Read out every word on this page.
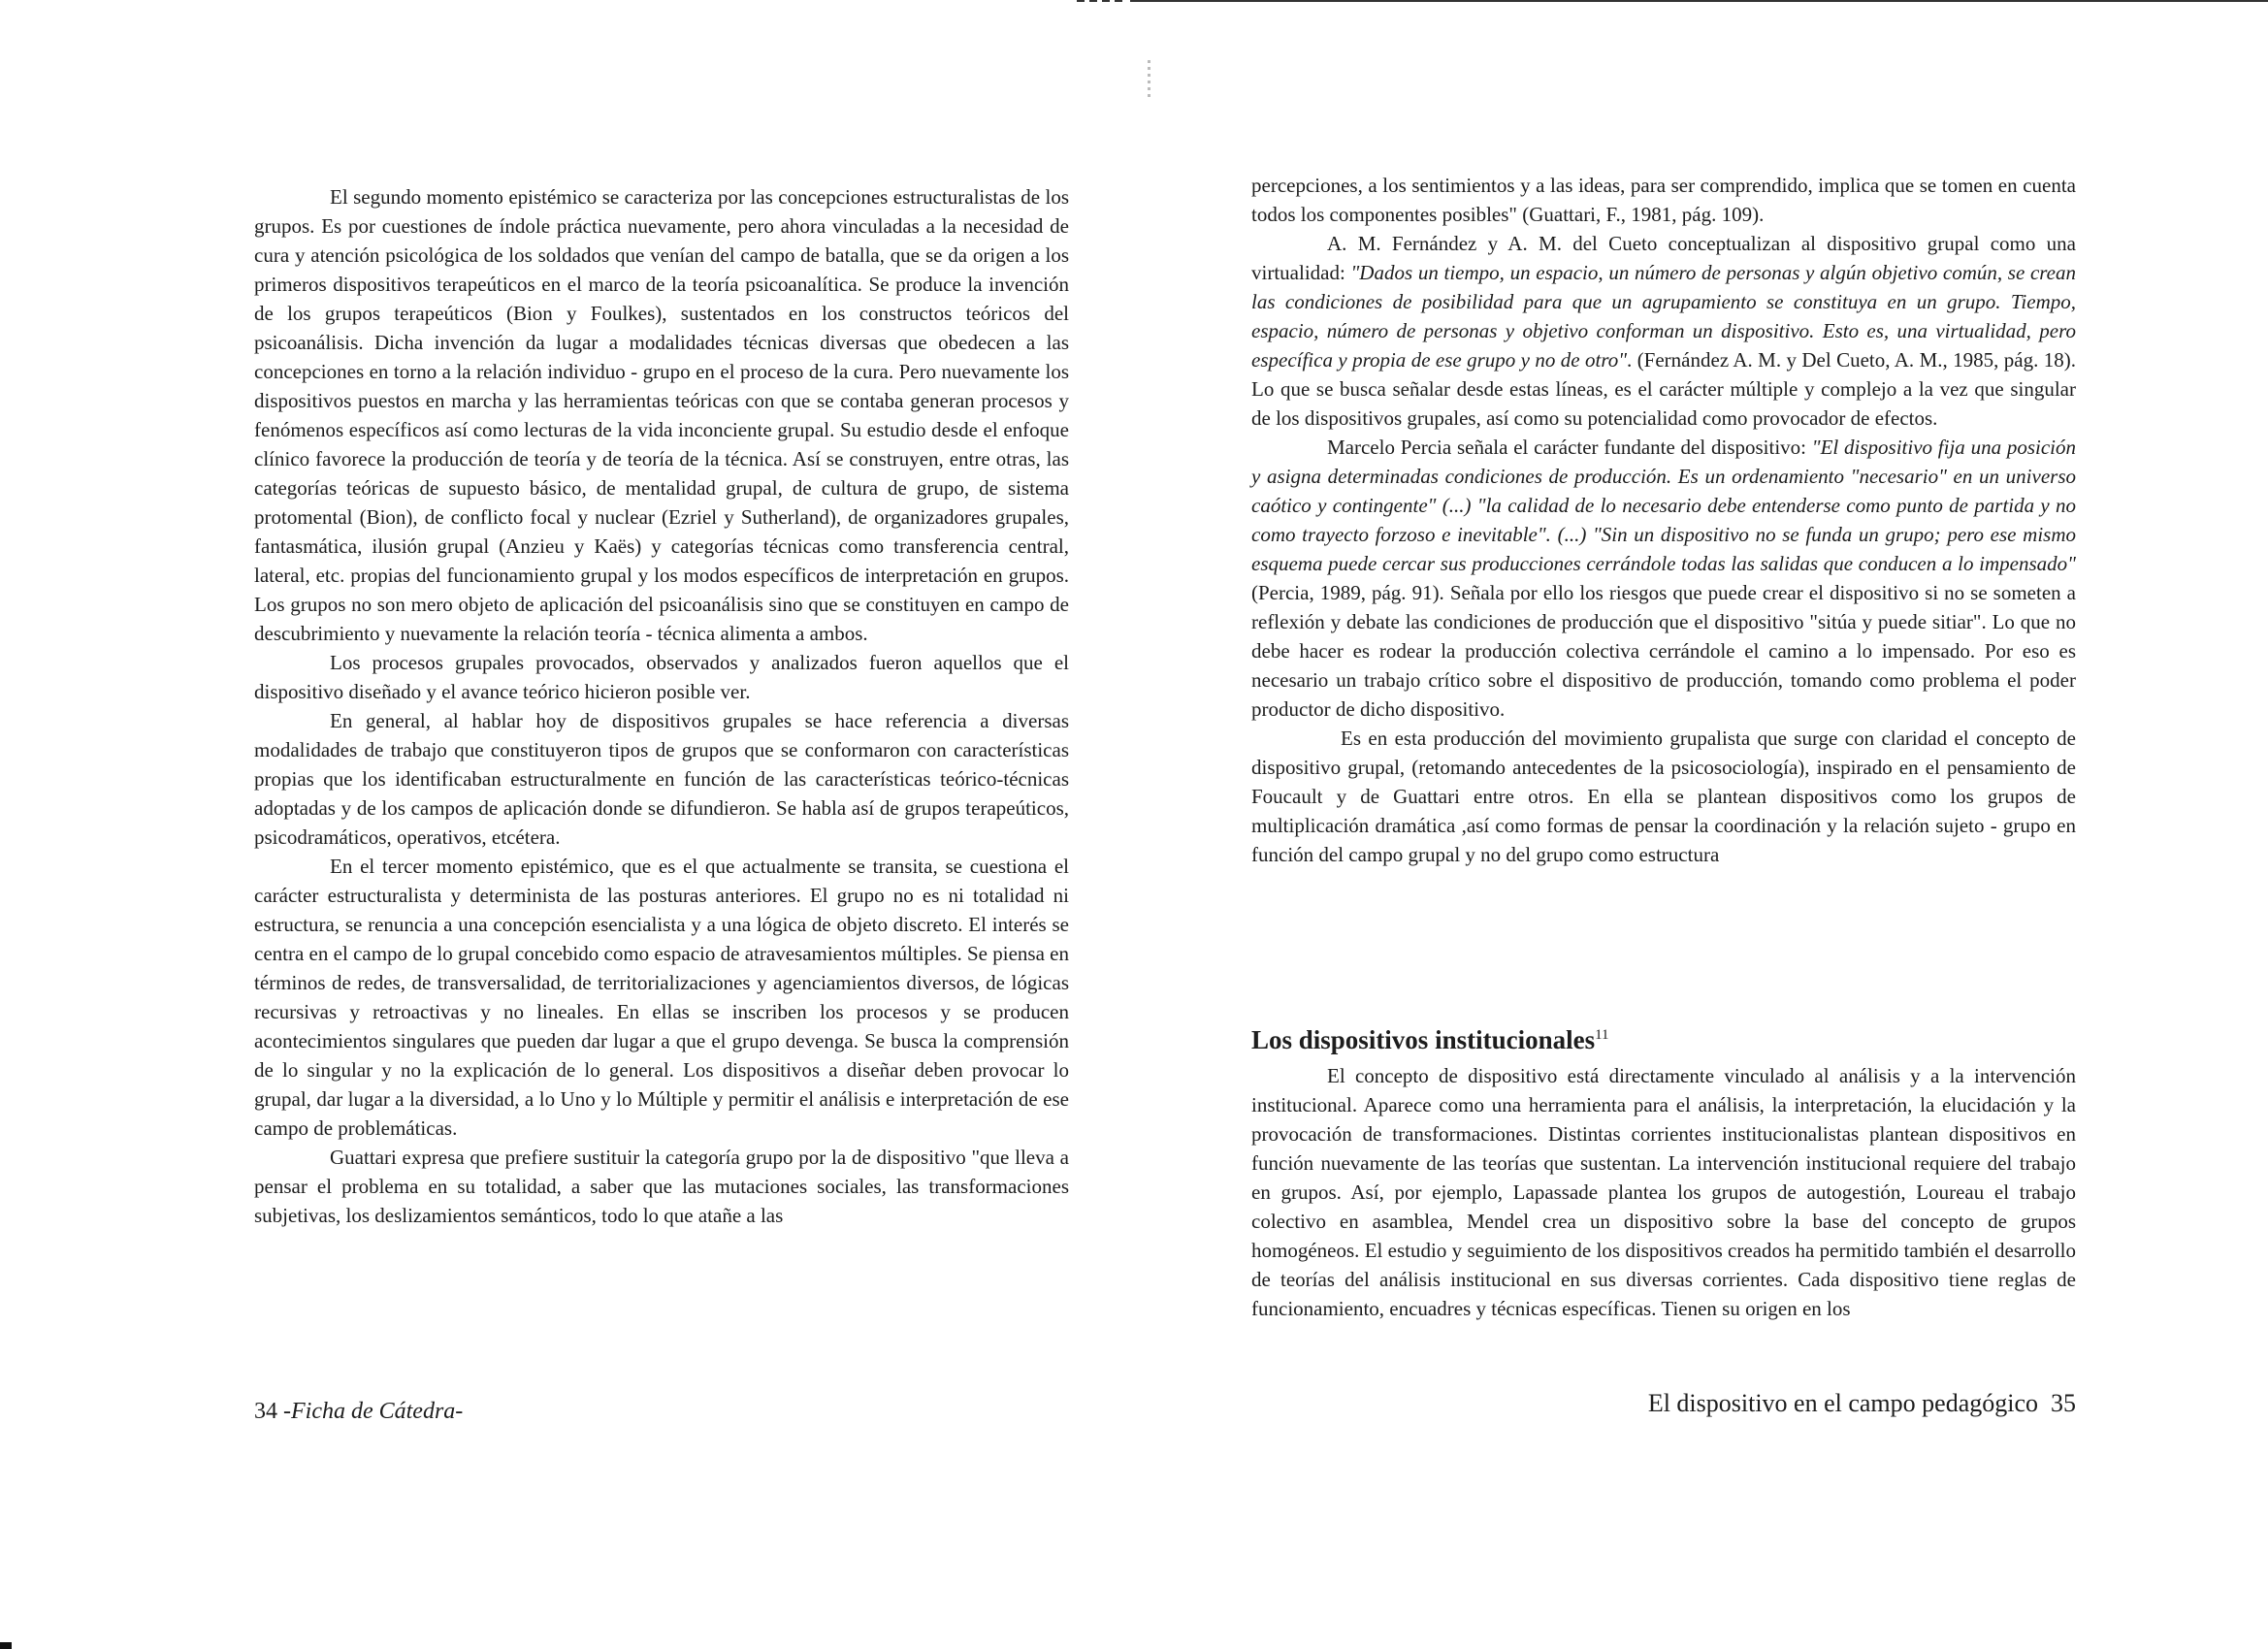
El segundo momento epistémico se caracteriza por las concepciones estructuralistas de los grupos. Es por cuestiones de índole práctica nuevamente, pero ahora vinculadas a la necesidad de cura y atención psicológica de los soldados que venían del campo de batalla, que se da origen a los primeros dispositivos terapeúticos en el marco de la teoría psicoanalítica. Se produce la invención de los grupos terapeúticos (Bion y Foulkes), sustentados en los constructos teóricos del psicoanálisis. Dicha invención da lugar a modalidades técnicas diversas que obedecen a las concepciones en torno a la relación individuo - grupo en el proceso de la cura. Pero nuevamente los dispositivos puestos en marcha y las herramientas teóricas con que se contaba generan procesos y fenómenos específicos así como lecturas de la vida inconciente grupal. Su estudio desde el enfoque clínico favorece la producción de teoría y de teoría de la técnica. Así se construyen, entre otras, las categorías teóricas de supuesto básico, de mentalidad grupal, de cultura de grupo, de sistema protomental (Bion), de conflicto focal y nuclear (Ezriel y Sutherland), de organizadores grupales, fantasmática, ilusión grupal (Anzieu y Kaës) y categorías técnicas como transferencia central, lateral, etc. propias del funcionamiento grupal y los modos específicos de interpretación en grupos. Los grupos no son mero objeto de aplicación del psicoanálisis sino que se constituyen en campo de descubrimiento y nuevamente la relación teoría - técnica alimenta a ambos.

Los procesos grupales provocados, observados y analizados fueron aquellos que el dispositivo diseñado y el avance teórico hicieron posible ver.

En general, al hablar hoy de dispositivos grupales se hace referencia a diversas modalidades de trabajo que constituyeron tipos de grupos que se conformaron con características propias que los identificaban estructuralmente en función de las características teórico-técnicas adoptadas y de los campos de aplicación donde se difundieron. Se habla así de grupos terapeúticos, psicodramáticos, operativos, etcétera.

En el tercer momento epistémico, que es el que actualmente se transita, se cuestiona el carácter estructuralista y determinista de las posturas anteriores. El grupo no es ni totalidad ni estructura, se renuncia a una concepción esencialista y a una lógica de objeto discreto. El interés se centra en el campo de lo grupal concebido como espacio de atravesamientos múltiples. Se piensa en términos de redes, de transversalidad, de territorializaciones y agenciamientos diversos, de lógicas recursivas y retroactivas y no lineales. En ellas se inscriben los procesos y se producen acontecimientos singulares que pueden dar lugar a que el grupo devenga. Se busca la comprensión de lo singular y no la explicación de lo general. Los dispositivos a diseñar deben provocar lo grupal, dar lugar a la diversidad, a lo Uno y lo Múltiple y permitir el análisis e interpretación de ese campo de problemáticas.

Guattari expresa que prefiere sustituir la categoría grupo por la de dispositivo "que lleva a pensar el problema en su totalidad, a saber que las mutaciones sociales, las transformaciones subjetivas, los deslizamientos semánticos, todo lo que atañe a las

34 -Ficha de Cátedra-

percepciones, a los sentimientos y a las ideas, para ser comprendido, implica que se tomen en cuenta todos los componentes posibles" (Guattari, F., 1981, pág. 109).

A. M. Fernández y A. M. del Cueto conceptualizan al dispositivo grupal como una virtualidad: "Dados un tiempo, un espacio, un número de personas y algún objetivo común, se crean las condiciones de posibilidad para que un agrupamiento se constituya en un grupo. Tiempo, espacio, número de personas y objetivo conforman un dispositivo. Esto es, una virtualidad, pero específica y propia de ese grupo y no de otro". (Fernández A. M. y Del Cueto, A. M., 1985, pág. 18). Lo que se busca señalar desde estas líneas, es el carácter múltiple y complejo a la vez que singular de los dispositivos grupales, así como su potencialidad como provocador de efectos.

Marcelo Percia señala el carácter fundante del dispositivo: "El dispositivo fija una posición y asigna determinadas condiciones de producción. Es un ordenamiento "necesario" en un universo caótico y contingente" (...) "la calidad de lo necesario debe entenderse como punto de partida y no como trayecto forzoso e inevitable". (...) "Sin un dispositivo no se funda un grupo; pero ese mismo esquema puede cercar sus producciones cerrándole todas las salidas que conducen a lo impensado" (Percia, 1989, pág. 91). Señala por ello los riesgos que puede crear el dispositivo si no se someten a reflexión y debate las condiciones de producción que el dispositivo "sitúa y puede sitiar". Lo que no debe hacer es rodear la producción colectiva cerrándole el camino a lo impensado. Por eso es necesario un trabajo crítico sobre el dispositivo de producción, tomando como problema el poder productor de dicho dispositivo.

Es en esta producción del movimiento grupalista que surge con claridad el concepto de dispositivo grupal, (retomando antecedentes de la psicosociología), inspirado en el pensamiento de Foucault y de Guattari entre otros. En ella se plantean dispositivos como los grupos de multiplicación dramática ,así como formas de pensar la coordinación y la relación sujeto - grupo en función del campo grupal y no del grupo como estructura

Los dispositivos institucionales$^{11}$

El concepto de dispositivo está directamente vinculado al análisis y a la intervención institucional. Aparece como una herramienta para el análisis, la interpretación, la elucidación y la provocación de transformaciones. Distintas corrientes institucionalistas plantean dispositivos en función nuevamente de las teorías que sustentan. La intervención institucional requiere del trabajo en grupos. Así, por ejemplo, Lapassade plantea los grupos de autogestión, Loureau el trabajo colectivo en asamblea, Mendel crea un dispositivo sobre la base del concepto de grupos homogéneos. El estudio y seguimiento de los dispositivos creados ha permitido también el desarrollo de teorías del análisis institucional en sus diversas corrientes. Cada dispositivo tiene reglas de funcionamiento, encuadres y técnicas específicas. Tienen su origen en los

El dispositivo en el campo pedagógico 35
